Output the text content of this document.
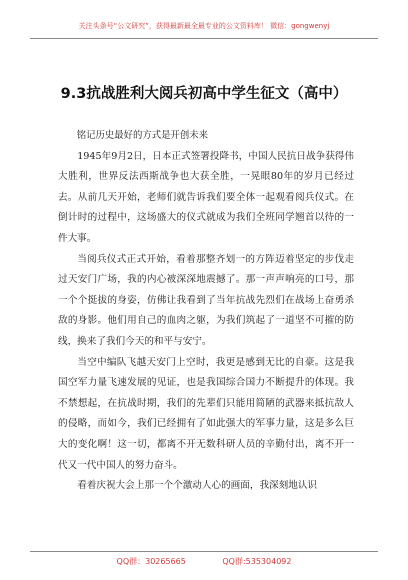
关注头条号“公文研究”，获得最新最全最专业的公文资料库！ 微信：gongwenyj
9.3抗战胜利大阅兵初高中学生征文（高中）

铭记历史最好的方式是开创未来

1945年9月2日，日本正式签署投降书，中国人民抗日战争获得伟大胜利，世界反法西斯战争也大获全胜，一晃眼80年的岁月已经过去。从前几天开始，老师们就告诉我们要全体一起观看阅兵仪式。在倒计时的过程中，这场盛大的仪式就成为我们全班同学翘首以待的一件大事。

当阅兵仪式正式开始，看着那整齐划一的方阵迈着坚定的步伐走过天安门广场，我的内心被深深地震撼了。那一声声响亮的口号，那一个个挺拔的身姿，仿佛让我看到了当年抗战先烈们在战场上奋勇杀敌的身影。他们用自己的血肉之躯，为我们筑起了一道坚不可摧的防线，换来了我们今天的和平与安宁。

当空中编队飞越天安门上空时，我更是感到无比的自豪。这是我国空军力量飞速发展的见证，也是我国综合国力不断提升的体现。我不禁想起，在抗战时期，我们的先辈们只能用简陋的武器来抵抗敌人的侵略，而如今，我们已经拥有了如此强大的军事力量，这是多么巨大的变化啊！这一切，都离不开无数科研人员的辛勤付出，离不开一代又一代中国人的努力奋斗。

看着庆祝大会上那一个个激动人心的画面，我深刻地认识

QQ群：30265665	QQ群:535304092
